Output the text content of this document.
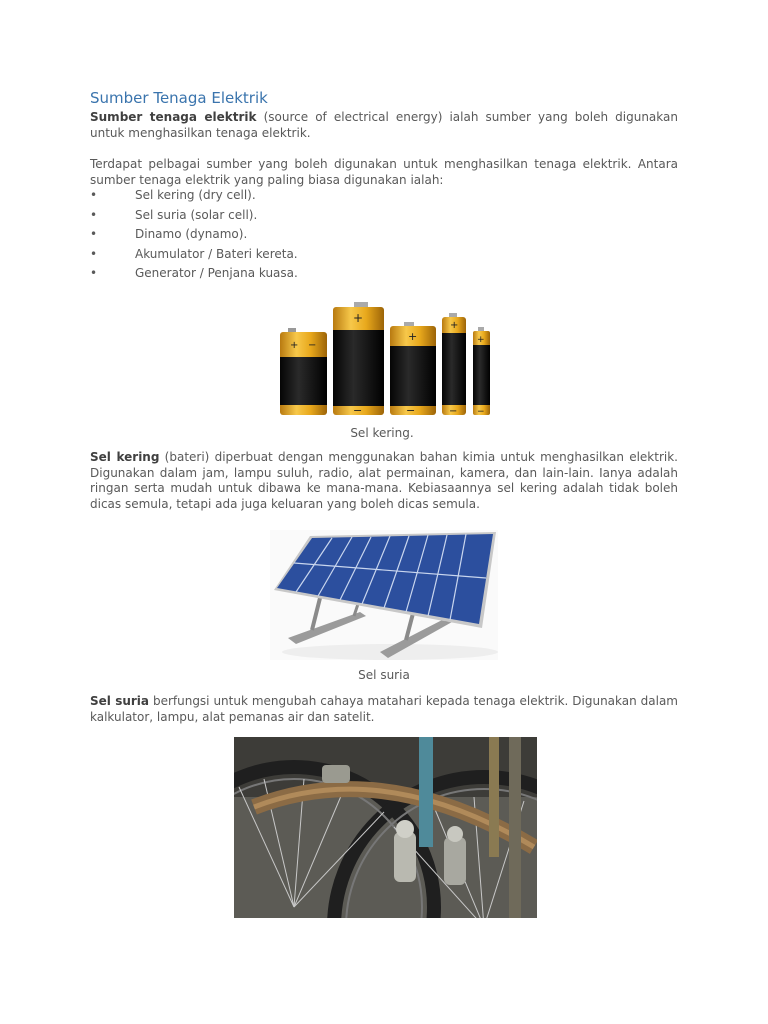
Sumber Tenaga Elektrik

Sumber tenaga elektrik (source of electrical energy) ialah sumber yang boleh digunakan untuk menghasilkan tenaga elektrik.

Terdapat pelbagai sumber yang boleh digunakan untuk menghasilkan tenaga elektrik. Antara sumber tenaga elektrik yang paling biasa digunakan ialah:

•	Sel kering (dry cell).
•	Sel suria (solar cell).
•	Dinamo (dynamo).
•	Akumulator / Bateri kereta.
•	Generator / Penjana kuasa.
+ −
+
−
+
−
+
−
+
−
Sel kering.

Sel kering (bateri) diperbuat dengan menggunakan bahan kimia untuk menghasilkan elektrik. Digunakan dalam jam, lampu suluh, radio, alat permainan, kamera, dan lain-lain. Ianya adalah ringan serta mudah untuk dibawa ke mana-mana. Kebiasaannya sel kering adalah tidak boleh dicas semula, tetapi ada juga keluaran yang boleh dicas semula.

Sel suria

Sel suria berfungsi untuk mengubah cahaya matahari kepada tenaga elektrik. Digunakan dalam kalkulator, lampu, alat pemanas air dan satelit.
